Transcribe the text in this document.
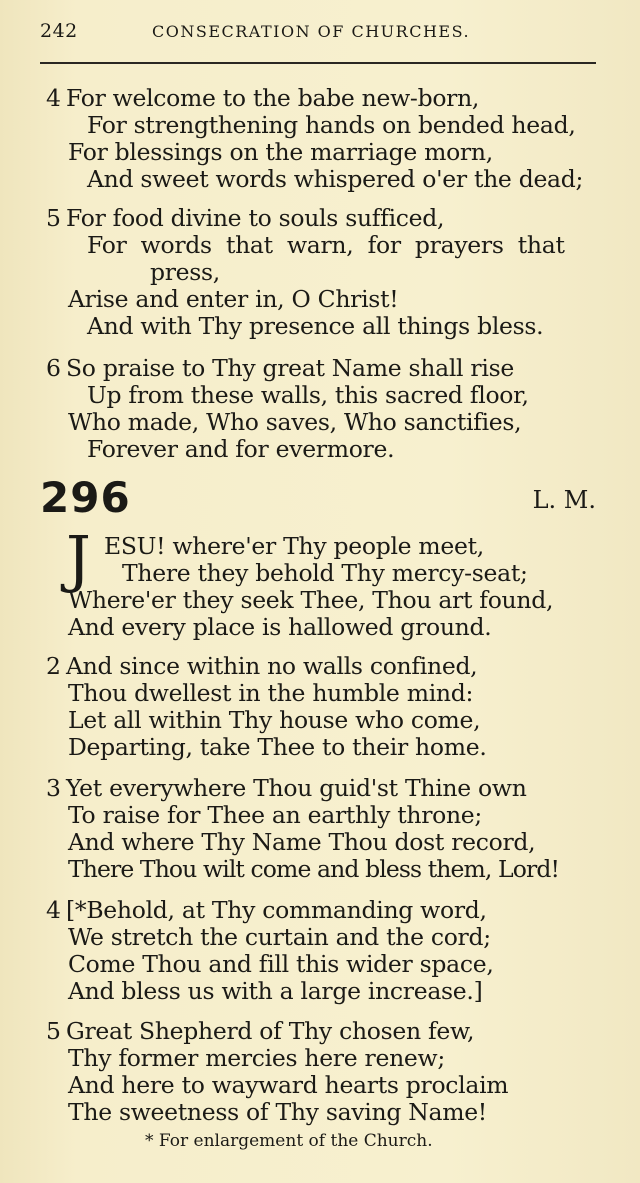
242	CONSECRATION OF CHURCHES.
4 For welcome to the babe new-born,
For strengthening hands on bended head,
For blessings on the marriage morn,
And sweet words whispered o'er the dead;
5 For food divine to souls sufficed,
For words that warn, for prayers that
press,
Arise and enter in, O Christ!
And with Thy presence all things bless.
6 So praise to Thy great Name shall rise
Up from these walls, this sacred floor,
Who made, Who saves, Who sanctifies,
Forever and for evermore.
296	L. M.
J ESU! where'er Thy people meet,
There they behold Thy mercy-seat;
Where'er they seek Thee, Thou art found,
And every place is hallowed ground.
2 And since within no walls confined,
Thou dwellest in the humble mind:
Let all within Thy house who come,
Departing, take Thee to their home.
3 Yet everywhere Thou guid'st Thine own
To raise for Thee an earthly throne;
And where Thy Name Thou dost record,
There Thou wilt come and bless them, Lord!
4 [*Behold, at Thy commanding word,
We stretch the curtain and the cord;
Come Thou and fill this wider space,
And bless us with a large increase.]
5 Great Shepherd of Thy chosen few,
Thy former mercies here renew;
And here to wayward hearts proclaim
The sweetness of Thy saving Name!
* For enlargement of the Church.
